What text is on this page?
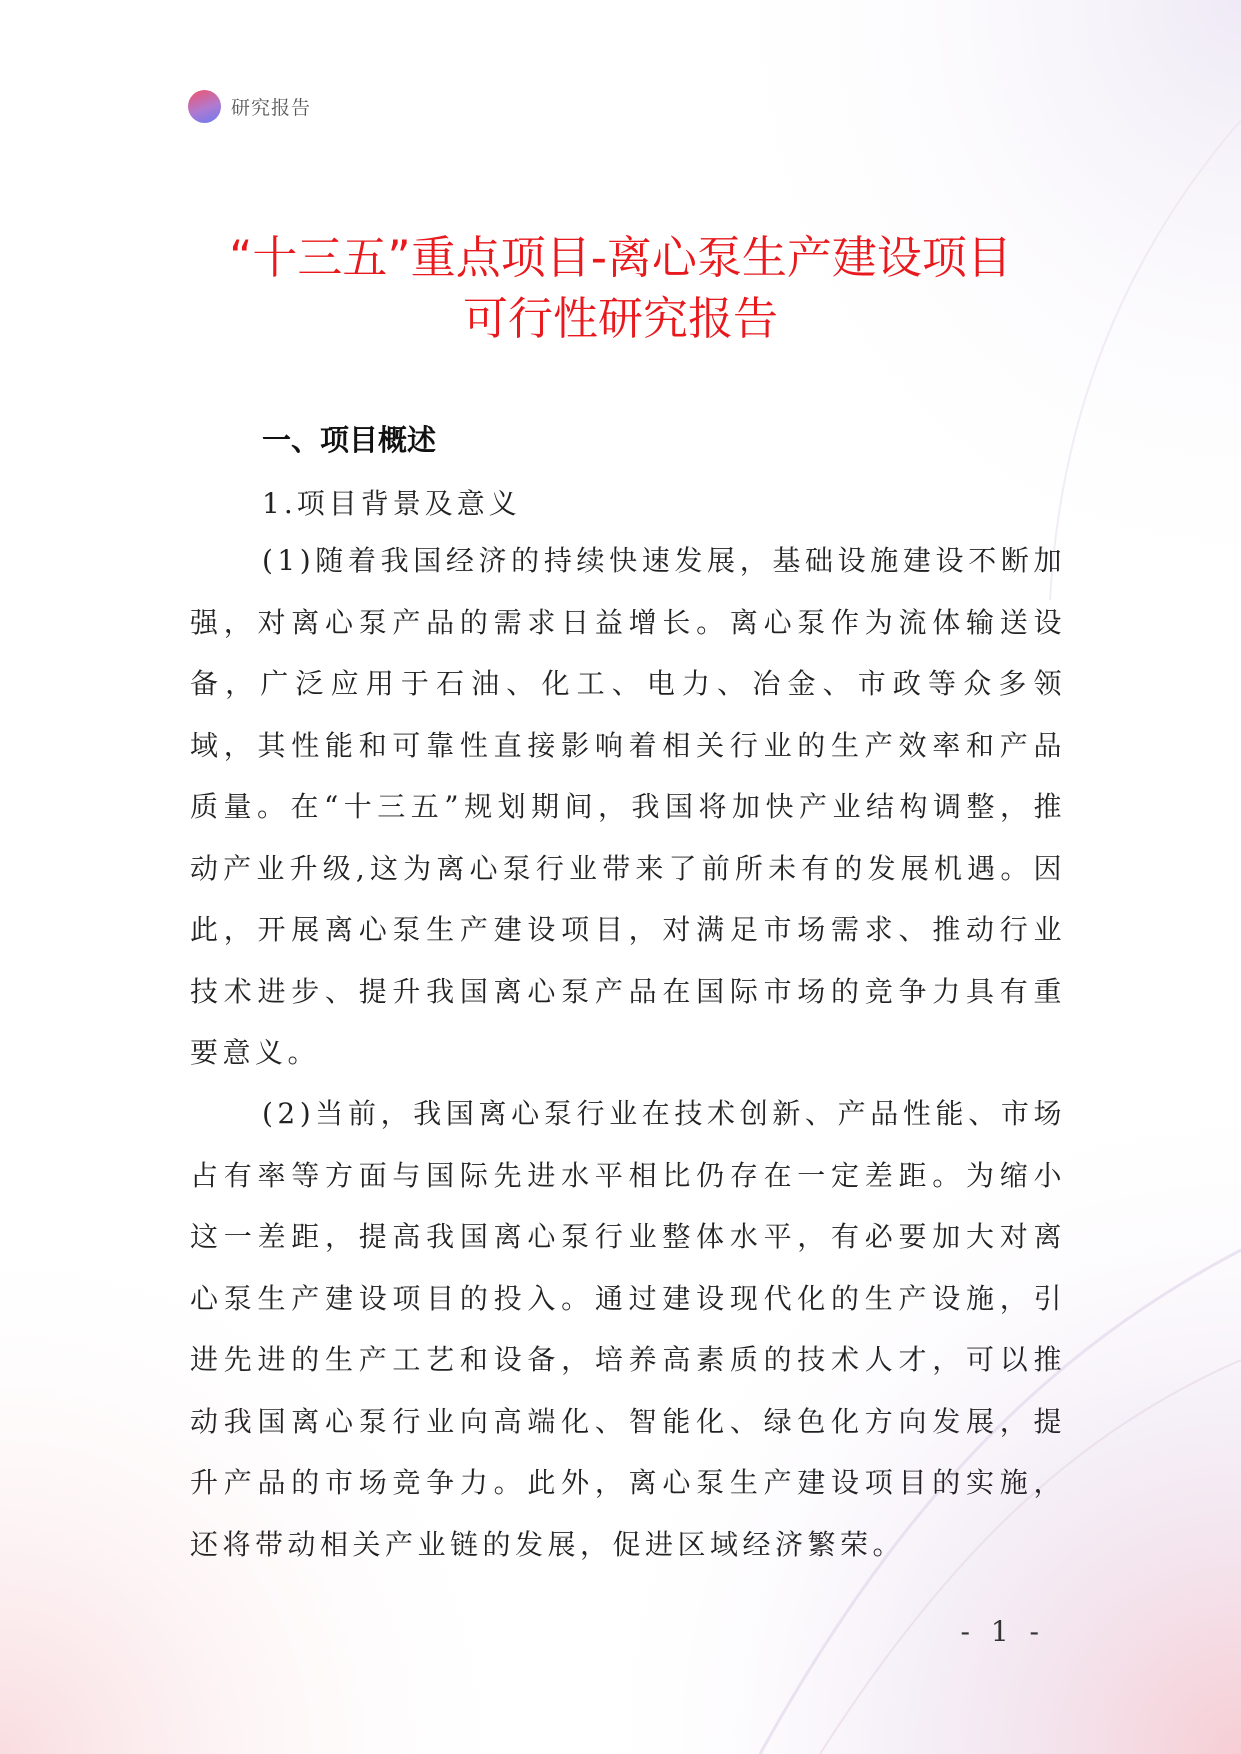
研究报告
“十三五”重点项目-离心泵生产建设项目
可行性研究报告
一、项目概述
1.项目背景及意义

(1)随着我国经济的持续快速发展，基础设施建设不断加强，对离心泵产品的需求日益增长。离心泵作为流体输送设备，广泛应用于石油、化工、电力、冶金、市政等众多领域，其性能和可靠性直接影响着相关行业的生产效率和产品质量。在“十三五”规划期间，我国将加快产业结构调整，推动产业升级,这为离心泵行业带来了前所未有的发展机遇。因此，开展离心泵生产建设项目，对满足市场需求、推动行业技术进步、提升我国离心泵产品在国际市场的竞争力具有重要意义。

(2)当前，我国离心泵行业在技术创新、产品性能、市场占有率等方面与国际先进水平相比仍存在一定差距。为缩小这一差距，提高我国离心泵行业整体水平，有必要加大对离心泵生产建设项目的投入。通过建设现代化的生产设施，引进先进的生产工艺和设备，培养高素质的技术人才，可以推动我国离心泵行业向高端化、智能化、绿色化方向发展，提升产品的市场竞争力。此外，离心泵生产建设项目的实施，还将带动相关产业链的发展，促进区域经济繁荣。

- 1 -
